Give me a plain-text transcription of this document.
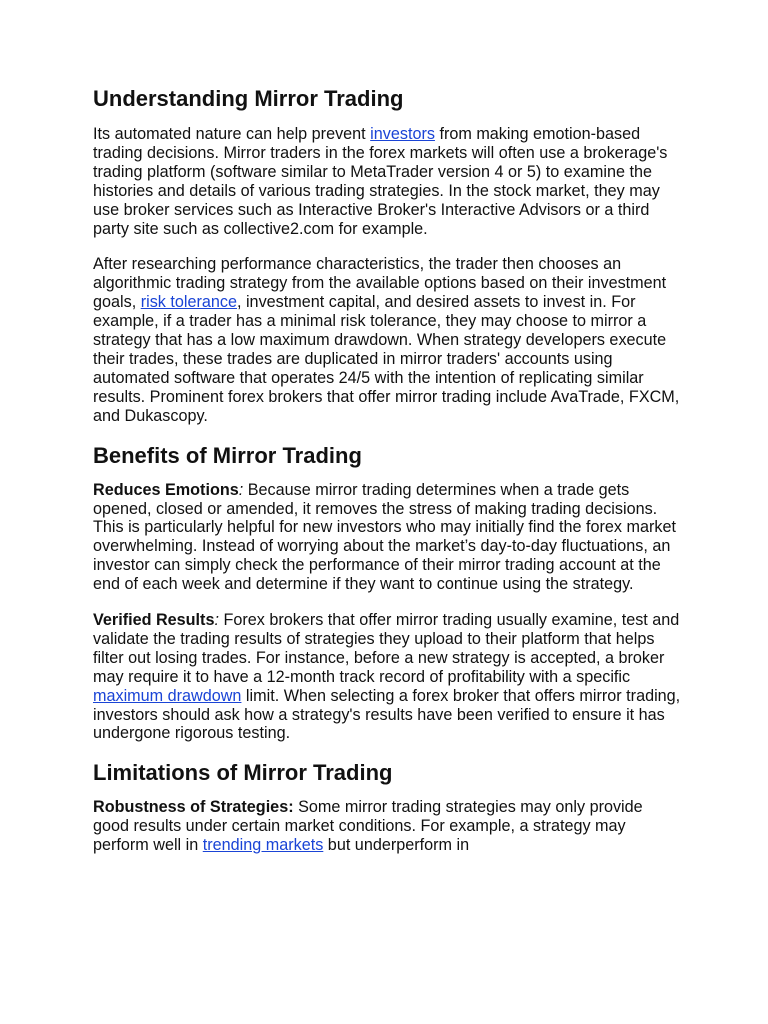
Understanding Mirror Trading

Its automated nature can help prevent investors from making emotion-based trading decisions. Mirror traders in the forex markets will often use a brokerage's trading platform (software similar to MetaTrader version 4 or 5) to examine the histories and details of various trading strategies. In the stock market, they may use broker services such as Interactive Broker's Interactive Advisors or a third party site such as collective2.com for example.

After researching performance characteristics, the trader then chooses an algorithmic trading strategy from the available options based on their investment goals, risk tolerance, investment capital, and desired assets to invest in. For example, if a trader has a minimal risk tolerance, they may choose to mirror a strategy that has a low maximum drawdown. When strategy developers execute their trades, these trades are duplicated in mirror traders' accounts using automated software that operates 24/5 with the intention of replicating similar results. Prominent forex brokers that offer mirror trading include AvaTrade, FXCM, and Dukascopy.

Benefits of Mirror Trading

Reduces Emotions: Because mirror trading determines when a trade gets opened, closed or amended, it removes the stress of making trading decisions. This is particularly helpful for new investors who may initially find the forex market overwhelming. Instead of worrying about the market’s day-to-day fluctuations, an investor can simply check the performance of their mirror trading account at the end of each week and determine if they want to continue using the strategy.

Verified Results: Forex brokers that offer mirror trading usually examine, test and validate the trading results of strategies they upload to their platform that helps filter out losing trades. For instance, before a new strategy is accepted, a broker may require it to have a 12-month track record of profitability with a specific maximum drawdown limit. When selecting a forex broker that offers mirror trading, investors should ask how a strategy's results have been verified to ensure it has undergone rigorous testing.

Limitations of Mirror Trading

Robustness of Strategies: Some mirror trading strategies may only provide good results under certain market conditions. For example, a strategy may perform well in trending markets but underperform in
